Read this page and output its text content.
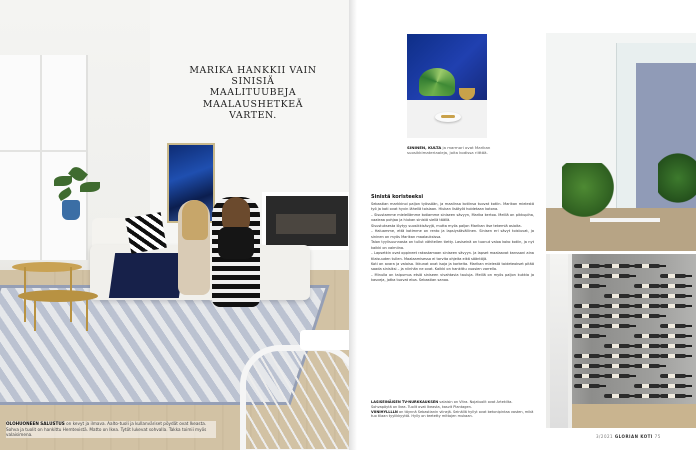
MARIKA HANKKII VAIN SINISIÄ MAALITUUBEJA MAALAUSHETKEÄ VARTEN.
OLOHUONEEN SALUSTUS on kevyt ja ilmava. Aalto-tuoli ja kullanväriset pöydät ovat Ikeasta. Sohva ja tuolit on hankittu Hemtexistä. Matto on Ikea. Tytöt lukevat sohvalla. Takka toimii myös valaisimena.
SININEN, KULTA ja marmori ovat Marikan suosikkimateriaaleja, joita kodissa riittää.
Sinistä koristeeksi

Sebastian markkinoi paljon työssään, ja maalinsa kotiinsa tuovat kotiin. Marikan mielestä työ ja koti ovat hyvin lähellä toisiaan. Hiukan lisätyöt hoidetaan kotona.

– Sisustamme mielellämme kotiamme siniseen sävyyn, Marika kertoo. Meillä on pikkupiha, vaaleaa pohjaa ja hiukan sinistä siellä täällä.

Sisustuksesta löytyy suosikkisävyjä, mutta myös paljon Marikan itse tekemiä asioita.

– Haluamme, että kotimme on rento ja lapsiystävällinen. Sinisen eri sävyt toistuvat, ja sininen on myös Marikan maalauksissa.

Talon tyylisuunnasta on tullut vähitellen tietty. Lasiseinä on tuonut valoa koko kotiin, ja nyt kaikki on valmiina.

– Lapsetkin ovat oppineet rakastamaan siniseen sävyyn. Ja lapset maalaavat kanssani aina tilaisuuden tullen. Maalaamisessa ei tarvita ohjeita eikä sääntöjä.

Koti on avara ja valoisa. Ikkunat ovat isoja ja korkeita. Marikan mielestä taideteokset pitää saada sinisiksi – ja niinhän ne ovat. Kaikki on hankittu vuosien varrella.

– Minulla on taipumus etsiä siniseen vivahtavia tauluja. Meillä on myös paljon kukkia ja kasveja, jotka tuovat eloa. Sebastian sanoo.

LASISEINÄISEN TV-NURKKAUKSEN valaisin on Vitra. Nojatuolit ovat Artekilta. Sohvapöytä on Ikea. Tuolit ovat Ikeasta, kasvit Plantagen.
VIINIHYLLLLN on täynnä Sebastianin viinejä. Seinällä hyllyt ovat betonipintaa vasten, mikä tuo tilaan tyylikkyyttä. Hylly on teetetty mittojen mukaan.
3/2021 GLORIAN KOTI 75
